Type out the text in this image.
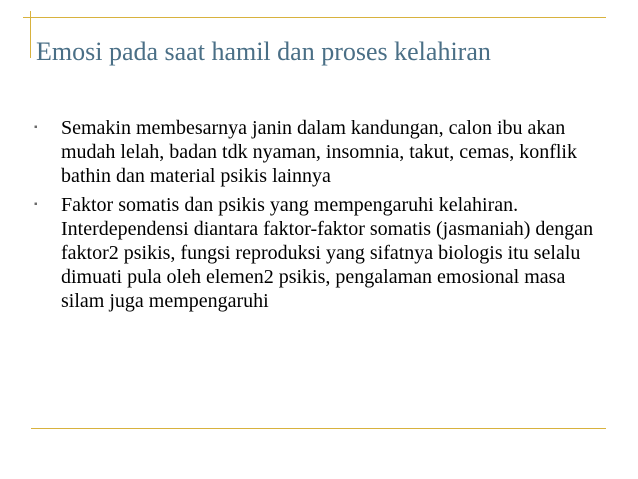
Emosi pada saat hamil dan proses kelahiran
▪	Semakin membesarnya janin dalam kandungan, calon ibu akan mudah lelah, badan tdk nyaman, insomnia, takut, cemas, konflik bathin dan material psikis lainnya
▪	Faktor somatis dan psikis yang mempengaruhi kelahiran. Interdependensi diantara faktor-faktor somatis (jasmaniah) dengan faktor2 psikis, fungsi reproduksi yang sifatnya biologis itu selalu dimuati pula oleh elemen2 psikis, pengalaman emosional masa silam juga mempengaruhi
